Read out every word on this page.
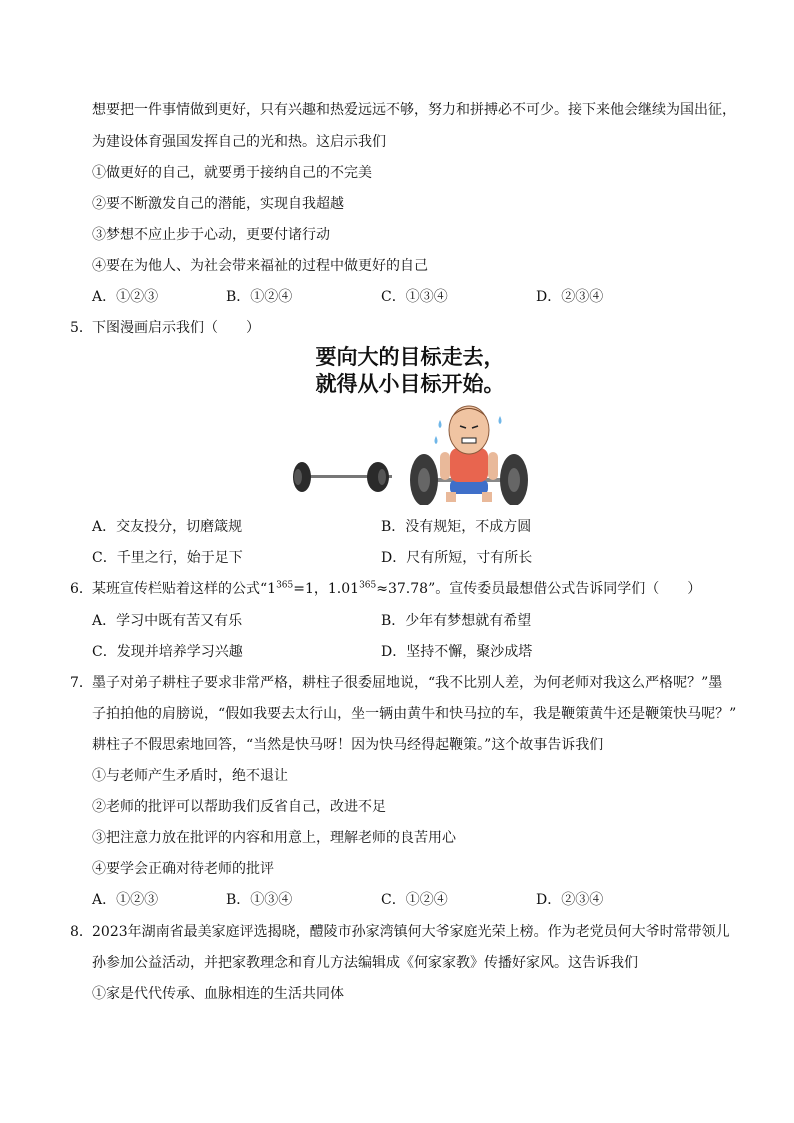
想要把一件事情做到更好，只有兴趣和热爱远远不够，努力和拼搏必不可少。接下来他会继续为国出征，
为建设体育强国发挥自己的光和热。这启示我们
①做更好的自己，就要勇于接纳自己的不完美
②要不断激发自己的潜能，实现自我超越
③梦想不应止步于心动，更要付诸行动
④要在为他人、为社会带来福祉的过程中做更好的自己
A．①②③	B．①②④	C．①③④	D．②③④
5． 下图漫画启示我们（　　）
要向大的目标走去，
就得从小目标开始。
A．交友投分，切磨箴规	B．没有规矩，不成方圆
C．千里之行，始于足下	D．尺有所短，寸有所长
6． 某班宣传栏贴着这样的公式“$1^{365}=1$，$1.01^{365}\approx 37.78$”。宣传委员最想借公式告诉同学们（　　）
A．学习中既有苦又有乐	B．少年有梦想就有希望
C．发现并培养学习兴趣	D．坚持不懈，聚沙成塔
7． 墨子对弟子耕柱子要求非常严格，耕柱子很委屈地说，“我不比别人差，为何老师对我这么严格呢？”墨
子拍拍他的肩膀说，“假如我要去太行山，坐一辆由黄牛和快马拉的车，我是鞭策黄牛还是鞭策快马呢？”
耕柱子不假思索地回答，“当然是快马呀！因为快马经得起鞭策。”这个故事告诉我们
①与老师产生矛盾时，绝不退让
②老师的批评可以帮助我们反省自己，改进不足
③把注意力放在批评的内容和用意上，理解老师的良苦用心
④要学会正确对待老师的批评
A．①②③	B．①③④	C．①②④	D．②③④
8． 2023年湖南省最美家庭评选揭晓，醴陵市孙家湾镇何大爷家庭光荣上榜。作为老党员何大爷时常带领儿
孙参加公益活动，并把家教理念和育儿方法编辑成《何家家教》传播好家风。这告诉我们
①家是代代传承、血脉相连的生活共同体
